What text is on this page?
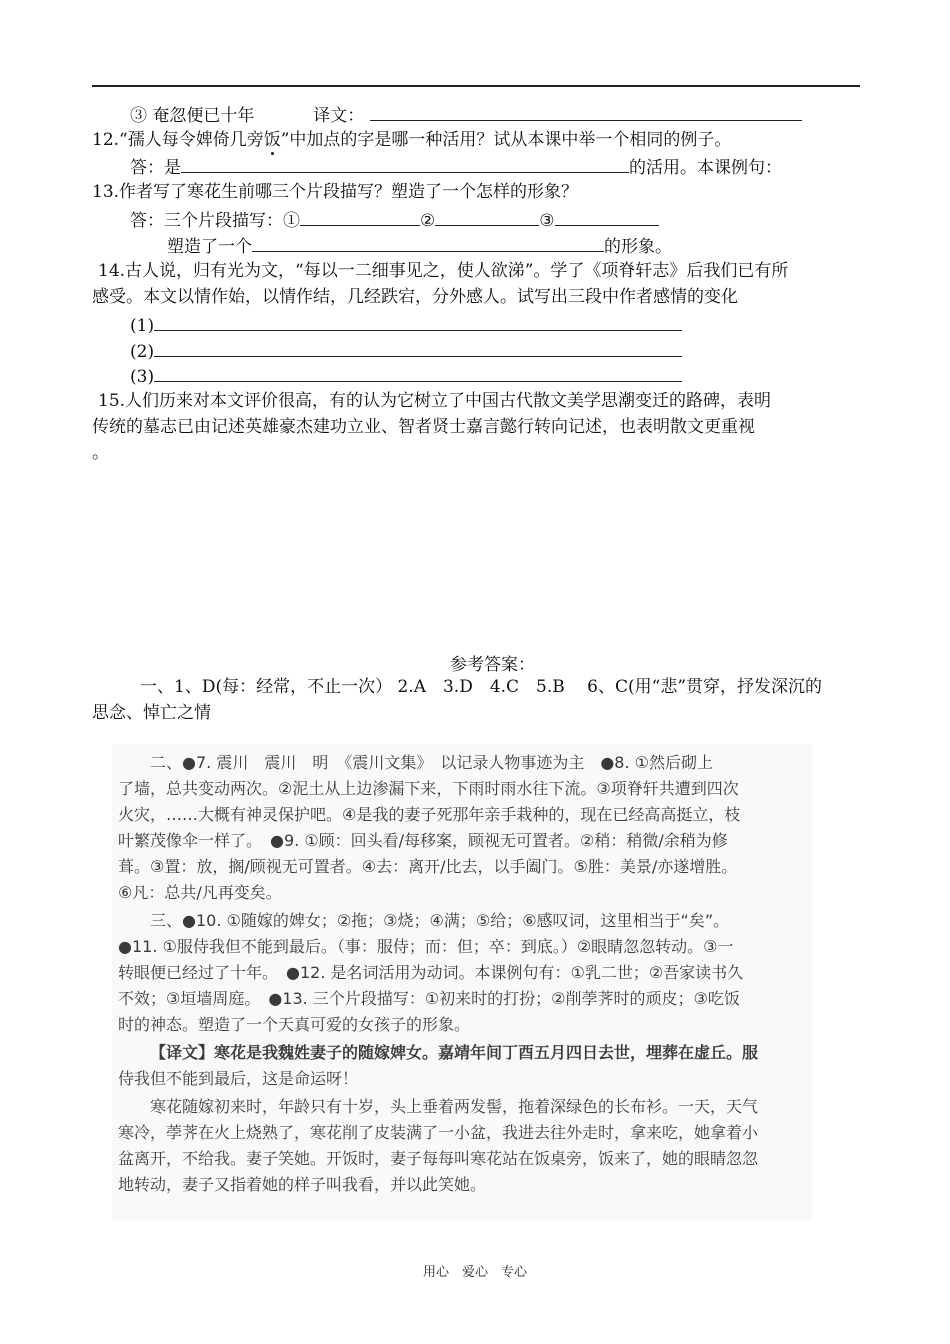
③ 奄忽便已十年	译文：
12.“孺人每令婢倚几旁饭”中加点的字是哪一种活用？试从本课中举一个相同的例子。
答：是	的活用。本课例句：
13.作者写了寒花生前哪三个片段描写？塑造了一个怎样的形象？
答：三个片段描写：①	②	③
塑造了一个	的形象。
14.古人说，归有光为文，“每以一二细事见之，使人欲涕”。学了《项脊轩志》后我们已有所
感受。本文以情作始，以情作结，几经跌宕，分外感人。试写出三段中作者感情的变化
(1)
(2)
(3)
15.人们历来对本文评价很高，有的认为它树立了中国古代散文美学思潮变迁的路碑，表明
传统的墓志已由记述英雄豪杰建功立业、智者贤士嘉言懿行转向记述，也表明散文更重视
。
参考答案：
一、1、D(每：经常，不止一次） 2.A　3.D　4.C　5.B　 6、C(用“悲”贯穿，抒发深沉的
思念、悼亡之情
二、●7. 震川　震川　明　《震川文集》　以记录人物事迹为主　●8. ①然后砌上
了墙，总共变动两次。②泥土从上边渗漏下来，下雨时雨水往下流。③项脊轩共遭到四次
火灾，……大概有神灵保护吧。④是我的妻子死那年亲手栽种的，现在已经高高挺立，枝
叶繁茂像伞一样了。　●9. ①顾：回头看/每移案，顾视无可置者。②稍：稍微/余稍为修
葺。③置：放，搁/顾视无可置者。④去：离开/比去，以手阖门。⑤胜：美景/亦遂增胜。
⑥凡：总共/凡再变矣。
三、●10. ①随嫁的婢女；②拖；③烧；④满；⑤给；⑥感叹词，这里相当于“矣”。
●11. ①服侍我但不能到最后。（事：服侍；而：但；卒：到底。）②眼睛忽忽转动。③一
转眼便已经过了十年。　●12. 是名词活用为动词。本课例句有：①乳二世；②吾家读书久
不效；③垣墙周庭。　●13. 三个片段描写：①初来时的打扮；②削荸荠时的顽皮；③吃饭
时的神态。塑造了一个天真可爱的女孩子的形象。
【译文】寒花是我魏姓妻子的随嫁婢女。嘉靖年间丁酉五月四日去世，埋葬在虚丘。服
侍我但不能到最后，这是命运呀！
寒花随嫁初来时，年龄只有十岁，头上垂着两发髻，拖着深绿色的长布衫。一天，天气
寒冷，荸荠在火上烧熟了，寒花削了皮装满了一小盆，我进去往外走时，拿来吃，她拿着小
盆离开，不给我。妻子笑她。开饭时，妻子每每叫寒花站在饭桌旁，饭来了，她的眼睛忽忽
地转动，妻子又指着她的样子叫我看，并以此笑她。
用心　爱心　专心
